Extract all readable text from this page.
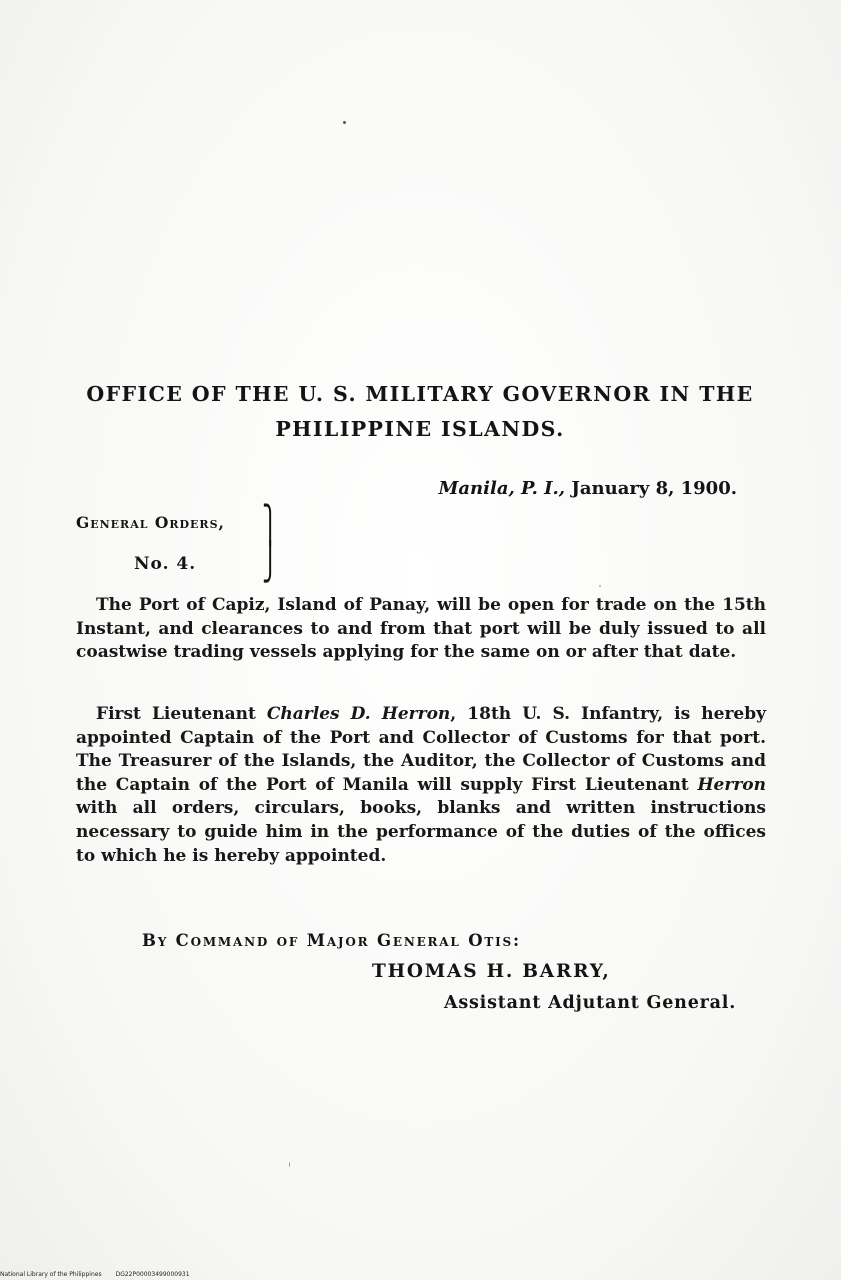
OFFICE OF THE U. S. MILITARY GOVERNOR IN THE
PHILIPPINE ISLANDS.
Manila, P. I., January 8, 1900.
General Orders, ⎫
⎭
No. 4.
The Port of Capiz, Island of Panay, will be open for trade on the 15th Instant, and clearances to and from that port will be duly issued to all coastwise trading vessels applying for the same on or after that date.
First Lieutenant Charles D. Herron, 18th U. S. Infantry, is hereby appointed Captain of the Port and Collector of Customs for that port. The Treasurer of the Islands, the Auditor, the Collector of Customs and the Captain of the Port of Manila will supply First Lieutenant Herron with all orders, circulars, books, blanks and written instructions necessary to guide him in the performance of the duties of the offices to which he is hereby appointed.
By Command of Major General Otis:
THOMAS H. BARRY,
Assistant Adjutant General.
National Library of the Philippines DG22P00003499000931
